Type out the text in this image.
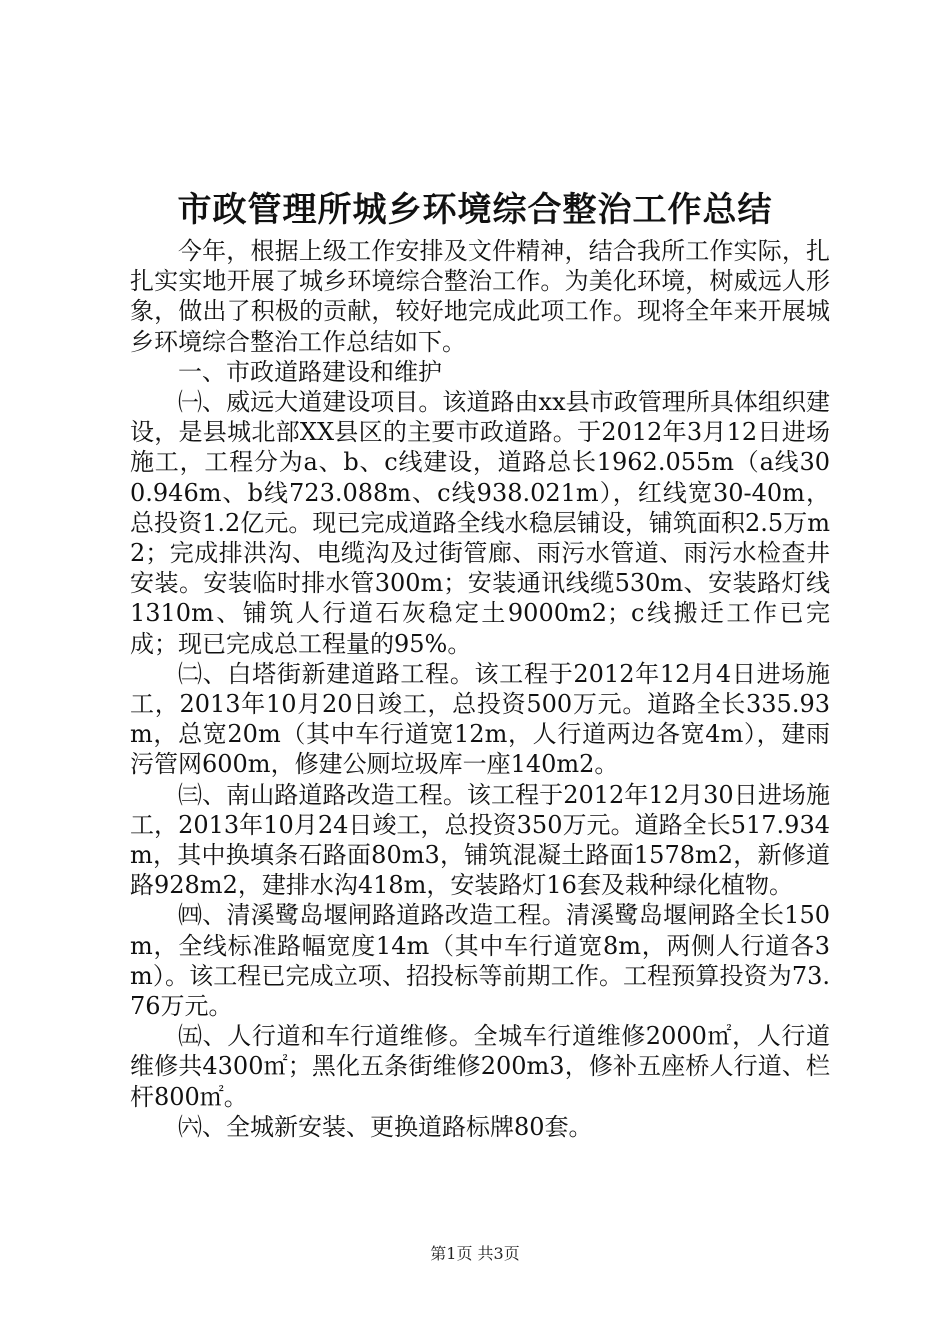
市政管理所城乡环境综合整治工作总结

今年，根据上级工作安排及文件精神，结合我所工作实际，扎扎实实地开展了城乡环境综合整治工作。为美化环境，树威远人形象，做出了积极的贡献，较好地完成此项工作。现将全年来开展城乡环境综合整治工作总结如下。

一、市政道路建设和维护

㈠、威远大道建设项目。该道路由xx县市政管理所具体组织建设，是县城北部XX县区的主要市政道路。于2012年3月12日进场施工，工程分为a、b、c线建设，道路总长1962.055m（a线300.946m、b线723.088m、c线938.021m），红线宽30-40m，总投资1.2亿元。现已完成道路全线水稳层铺设，铺筑面积2.5万m2；完成排洪沟、电缆沟及过街管廊、雨污水管道、雨污水检查井安装。安装临时排水管300m；安装通讯线缆530m、安装路灯线1310m、铺筑人行道石灰稳定土9000m2；c线搬迁工作已完成；现已完成总工程量的95%。

㈡、白塔街新建道路工程。该工程于2012年12月4日进场施工，2013年10月20日竣工，总投资500万元。道路全长335.93m，总宽20m（其中车行道宽12m，人行道两边各宽4m），建雨污管网600m，修建公厕垃圾库一座140m2。

㈢、南山路道路改造工程。该工程于2012年12月30日进场施工，2013年10月24日竣工，总投资350万元。道路全长517.934m，其中换填条石路面80m3，铺筑混凝土路面1578m2，新修道路928m2，建排水沟418m，安装路灯16套及栽种绿化植物。

㈣、清溪鹭岛堰闸路道路改造工程。清溪鹭岛堰闸路全长150m，全线标准路幅宽度14m（其中车行道宽8m，两侧人行道各3m）。该工程已完成立项、招投标等前期工作。工程预算投资为73.76万元。

㈤、人行道和车行道维修。全城车行道维修2000㎡，人行道维修共4300㎡；黑化五条街维修200m3，修补五座桥人行道、栏杆800㎡。

㈥、全城新安装、更换道路标牌80套。

第1页 共3页
